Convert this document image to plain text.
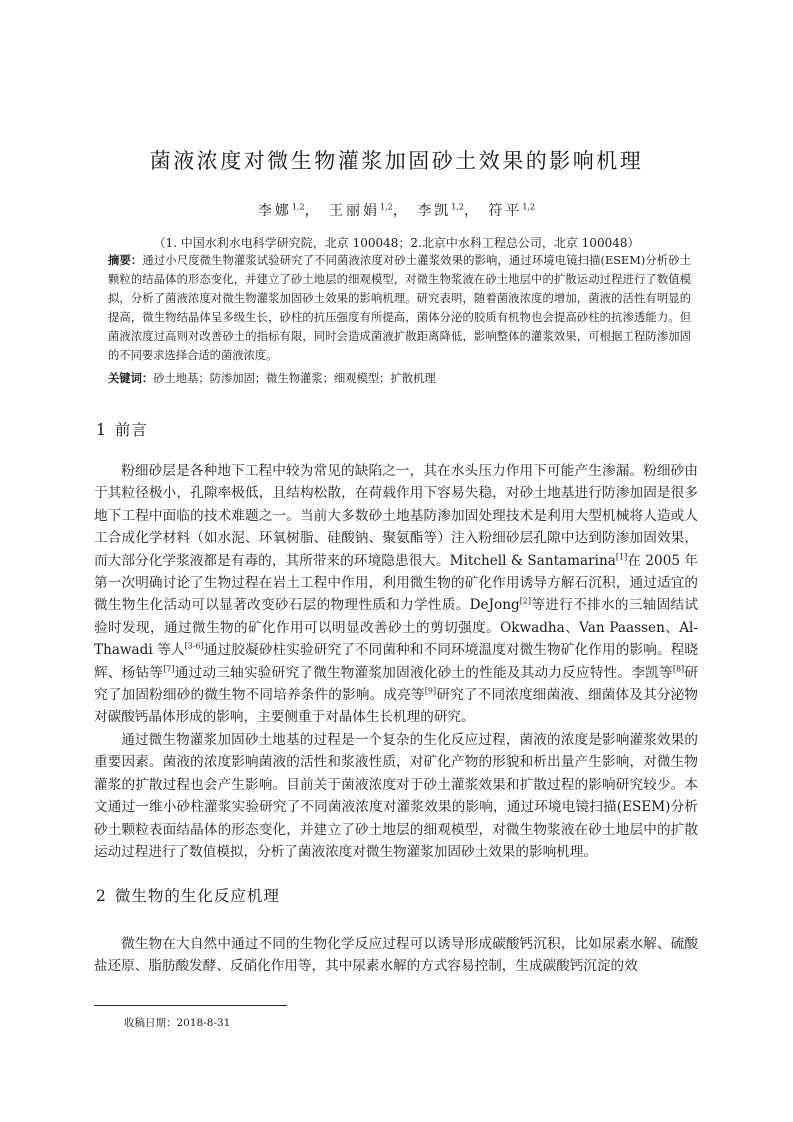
菌液浓度对微生物灌浆加固砂土效果的影响机理
李娜$^{1,2}$， 王丽娟$^{1,2}$， 李凯$^{1,2}$， 符平$^{1,2}$
（1. 中国水利水电科学研究院，北京 100048；2.北京中水科工程总公司，北京 100048）
摘要：通过小尺度微生物灌浆试验研究了不同菌液浓度对砂土灌浆效果的影响，通过环境电镜扫描(ESEM)分析砂土颗粒的结晶体的形态变化，并建立了砂土地层的细观模型，对微生物浆液在砂土地层中的扩散运动过程进行了数值模拟，分析了菌液浓度对微生物灌浆加固砂土效果的影响机理。研究表明，随着菌液浓度的增加，菌液的活性有明显的提高，微生物结晶体呈多级生长，砂柱的抗压强度有所提高，菌体分泌的胶质有机物也会提高砂柱的抗渗透能力。但菌液浓度过高则对改善砂土的指标有限，同时会造成菌液扩散距离降低，影响整体的灌浆效果，可根据工程防渗加固的不同要求选择合适的菌液浓度。
关键词：砂土地基；防渗加固；微生物灌浆；细观模型；扩散机理
1 前言

粉细砂层是各种地下工程中较为常见的缺陷之一，其在水头压力作用下可能产生渗漏。粉细砂由于其粒径极小，孔隙率极低，且结构松散，在荷载作用下容易失稳，对砂土地基进行防渗加固是很多地下工程中面临的技术难题之一。当前大多数砂土地基防渗加固处理技术是利用大型机械将人造或人工合成化学材料（如水泥、环氧树脂、硅酸钠、聚氨酯等）注入粉细砂层孔隙中达到防渗加固效果，而大部分化学浆液都是有毒的，其所带来的环境隐患很大。Mitchell & Santamarina[1]在 2005 年第一次明确讨论了生物过程在岩土工程中作用，利用微生物的矿化作用诱导方解石沉积，通过适宜的微生物生化活动可以显著改变砂石层的物理性质和力学性质。DeJong[2]等进行不排水的三轴固结试验时发现，通过微生物的矿化作用可以明显改善砂土的剪切强度。Okwadha、Van Paassen、Al-Thawadi 等人[3-6]通过胶凝砂柱实验研究了不同菌种和不同环境温度对微生物矿化作用的影响。程晓辉、杨钻等[7]通过动三轴实验研究了微生物灌浆加固液化砂土的性能及其动力反应特性。李凯等[8]研究了加固粉细砂的微生物不同培养条件的影响。成亮等[9]研究了不同浓度细菌液、细菌体及其分泌物对碳酸钙晶体形成的影响，主要侧重于对晶体生长机理的研究。

通过微生物灌浆加固砂土地基的过程是一个复杂的生化反应过程，菌液的浓度是影响灌浆效果的重要因素。菌液的浓度影响菌液的活性和浆液性质，对矿化产物的形貌和析出量产生影响，对微生物灌浆的扩散过程也会产生影响。目前关于菌液浓度对于砂土灌浆效果和扩散过程的影响研究较少。本文通过一维小砂柱灌浆实验研究了不同菌液浓度对灌浆效果的影响，通过环境电镜扫描(ESEM)分析砂土颗粒表面结晶体的形态变化，并建立了砂土地层的细观模型，对微生物浆液在砂土地层中的扩散运动过程进行了数值模拟，分析了菌液浓度对微生物灌浆加固砂土效果的影响机理。

2 微生物的生化反应机理

微生物在大自然中通过不同的生物化学反应过程可以诱导形成碳酸钙沉积，比如尿素水解、硫酸盐还原、脂肪酸发酵、反硝化作用等，其中尿素水解的方式容易控制，生成碳酸钙沉淀的效

收稿日期：2018-8-31
